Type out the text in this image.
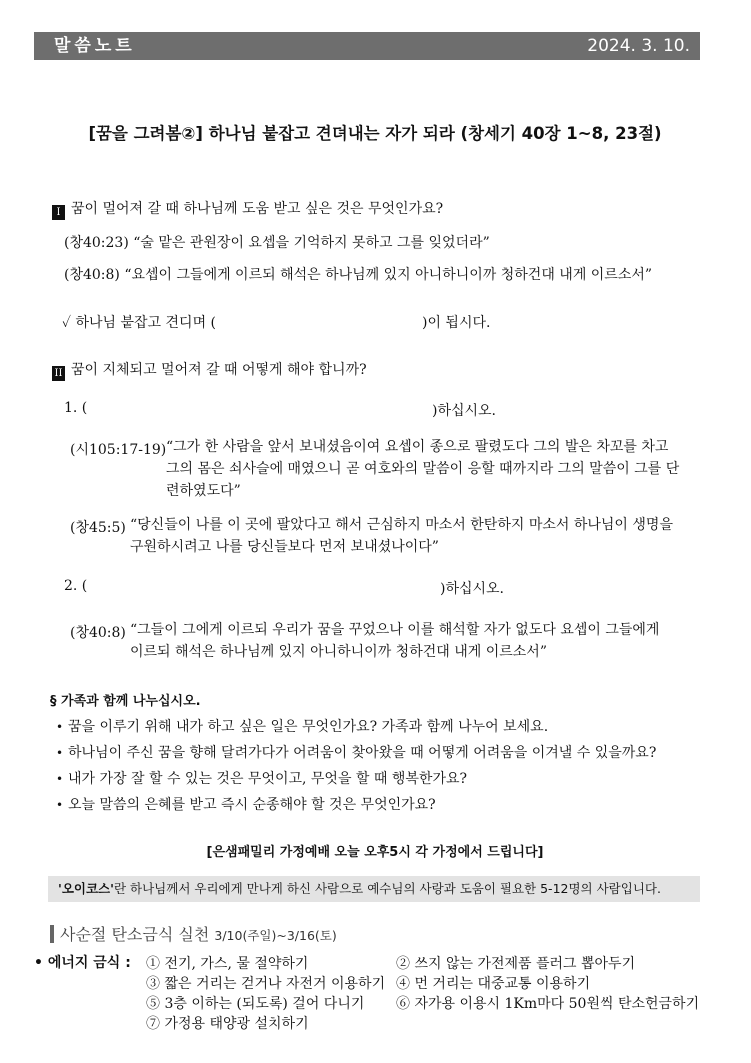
말씀노트	2024. 3. 10.
[꿈을 그려봄②] 하나님 붙잡고 견뎌내는 자가 되라 (창세기 40장 1~8, 23절)
I 꿈이 멀어져 갈 때 하나님께 도움 받고 싶은 것은 무엇인가요?
(창40:23) “술 맡은 관원장이 요셉을 기억하지 못하고 그를 잊었더라”
(창40:8) “요셉이 그들에게 이르되 해석은 하나님께 있지 아니하니이까 청하건대 내게 이르소서”
✓ 하나님 붙잡고 견디며 (	)이 됩시다.
II 꿈이 지체되고 멀어져 갈 때 어떻게 해야 합니까?
1. (	)하십시오.
(시105:17-19) “그가 한 사람을 앞서 보내셨음이여 요셉이 종으로 팔렸도다 그의 발은 차꼬를 차고 그의 몸은 쇠사슬에 매였으니 곧 여호와의 말씀이 응할 때까지라 그의 말씀이 그를 단련하였도다”
(창45:5) “당신들이 나를 이 곳에 팔았다고 해서 근심하지 마소서 한탄하지 마소서 하나님이 생명을 구원하시려고 나를 당신들보다 먼저 보내셨나이다”
2. (	)하십시오.
(창40:8) “그들이 그에게 이르되 우리가 꿈을 꾸었으나 이를 해석할 자가 없도다 요셉이 그들에게 이르되 해석은 하나님께 있지 아니하니이까 청하건대 내게 이르소서”
§ 가족과 함께 나누십시오.
• 꿈을 이루기 위해 내가 하고 싶은 일은 무엇인가요? 가족과 함께 나누어 보세요.
• 하나님이 주신 꿈을 향해 달려가다가 어려움이 찾아왔을 때 어떻게 어려움을 이겨낼 수 있을까요?
• 내가 가장 잘 할 수 있는 것은 무엇이고, 무엇을 할 때 행복한가요?
• 오늘 말씀의 은혜를 받고 즉시 순종해야 할 것은 무엇인가요?
[은샘패밀리 가정예배 오늘 오후5시 각 가정에서 드립니다]
'오이코스'란 하나님께서 우리에게 만나게 하신 사람으로 예수님의 사랑과 도움이 필요한 5-12명의 사람입니다.
사순절 탄소금식 실천 3/10(주일)~3/16(토)
• 에너지 금식 : ① 전기, 가스, 물 절약하기	② 쓰지 않는 가전제품 플러그 뽑아두기
③ 짧은 거리는 걷거나 자전거 이용하기 ④ 먼 거리는 대중교통 이용하기
⑤ 3층 이하는 (되도록) 걸어 다니기 ⑥ 자가용 이용시 1Km마다 50원씩 탄소헌금하기
⑦ 가정용 태양광 설치하기
